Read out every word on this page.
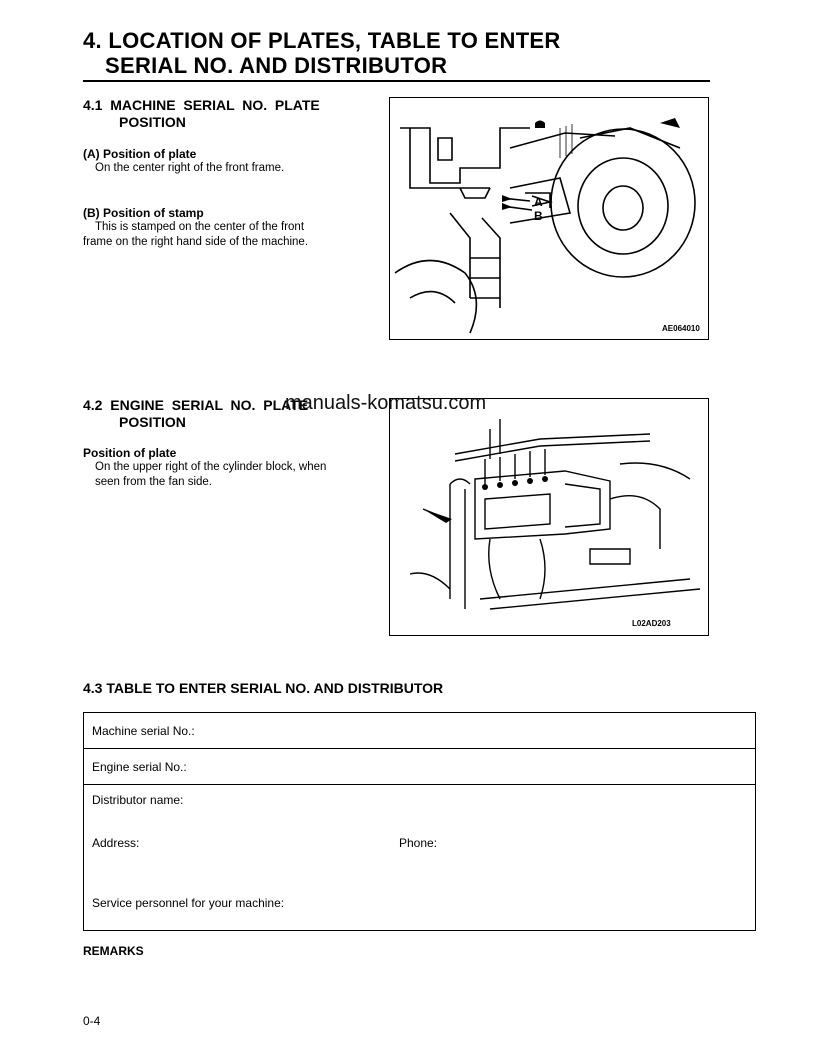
4. LOCATION OF PLATES, TABLE TO ENTER
SERIAL NO. AND DISTRIBUTOR
4.1  MACHINE  SERIAL  NO.  PLATE
POSITION
(A) Position of plate
On the center right of the front frame.
(B) Position of stamp
This is stamped on the center of the front
frame on the right hand side of the machine.
A
B
AE064010
4.2  ENGINE  SERIAL  NO.  PLATE
POSITION
Position of plate
On the upper right of the cylinder block, when
seen from the fan side.
L02AD203
manuals-komatsu.com
4.3 TABLE TO ENTER SERIAL NO. AND DISTRIBUTOR
Machine serial No.:
Engine serial No.:

Distributor name:
Address:	Phone:
Service personnel for your machine:
REMARKS
0-4
